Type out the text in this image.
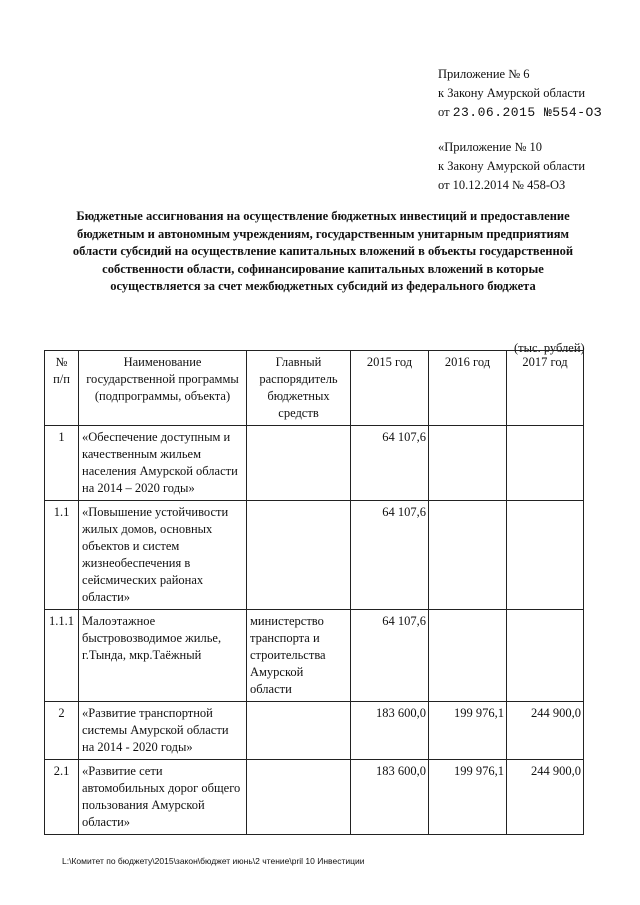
Приложение № 6
к Закону Амурской области
от 23.06.2015 №554-ОЗ
«Приложение № 10
к Закону Амурской области
от 10.12.2014 № 458-ОЗ
Бюджетные ассигнования на осуществление бюджетных инвестиций и предоставление
бюджетным и автономным учреждениям, государственным унитарным предприятиям
области субсидий на осуществление капитальных вложений в объекты государственной
собственности области, софинансирование капитальных вложений в которые
осуществляется за счет межбюджетных субсидий из федерального бюджета
(тыс. рублей)
№
п/п	Наименование государственной программы (подпрограммы, объекта)	Главный распорядитель бюджетных средств	2015 год	2016 год	2017 год
1	«Обеспечение доступным и качественным жильем населения Амурской области на 2014 – 2020 годы»		64 107,6		
1.1	«Повышение устойчивости жилых домов, основных объектов и систем жизнеобеспечения в сейсмических районах области»		64 107,6		
1.1.1	Малоэтажное быстровозводимое жилье, г.Тында, мкр.Таёжный	министерство транспорта и строительства Амурской области	64 107,6		
2	«Развитие транспортной системы Амурской области на 2014 - 2020 годы»		183 600,0	199 976,1	244 900,0
2.1	«Развитие сети автомобильных дорог общего пользования Амурской области»		183 600,0	199 976,1	244 900,0
L:\Комитет по бюджету\2015\закон\бюджет июнь\2 чтение\pril 10 Инвестиции
